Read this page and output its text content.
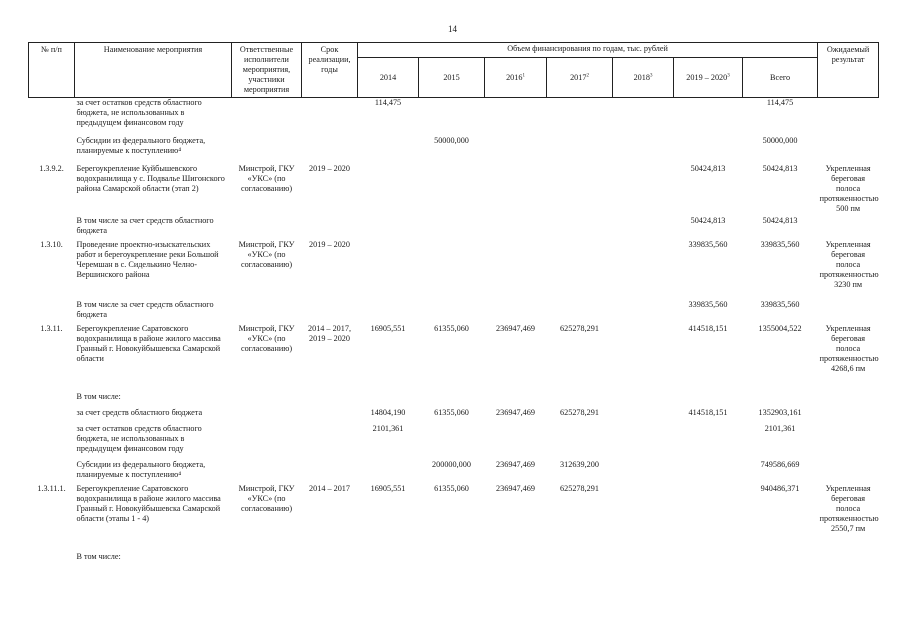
14
№ п/п	Наименование мероприятия	Ответственные исполнители мероприятия, участники мероприятия	Срок реализации, годы	Объем финансирования по годам, тыс. рублей							Ожидаемый результат
				2014	2015	2016$^1$	2017$^2$	2018$^3$	2019 – 2020$^3$	Всего	
	за счет остатков средств областного бюджета, не использованных в предыдущем финансовом году			114,475						114,475	
	Субсидии из федерального бюджета, планируемые к поступлению⁴				50000,000					50000,000	
1.3.9.2.	Берегоукрепление Куйбышевского водохранилища у с. Подвалье Шигонского района Самарской области (этап 2)	Минстрой, ГКУ «УКС» (по согласованию)	2019 – 2020						50424,813	50424,813	Укрепленная береговая полоса протяженностью 500 пм
	В том числе за счет средств областного бюджета								50424,813	50424,813	
1.3.10.	Проведение проектно-изыскательских работ и берегоукрепление реки Большой Черемшан в с. Сиделькино Челно-Вершинского района	Минстрой, ГКУ «УКС» (по согласованию)	2019 – 2020						339835,560	339835,560	Укрепленная береговая полоса протяженностью 3230 пм
	В том числе за счет средств областного бюджета								339835,560	339835,560	
1.3.11.	Берегоукрепление Саратовского водохранилища в районе жилого массива Гранный г. Новокуйбышевска Самарской области	Минстрой, ГКУ «УКС» (по согласованию)	2014 – 2017, 2019 – 2020	16905,551	61355,060	236947,469	625278,291		414518,151	1355004,522	Укрепленная береговая полоса протяженностью 4268,6 пм
	В том числе:										
	за счет средств областного бюджета			14804,190	61355,060	236947,469	625278,291		414518,151	1352903,161	
	за счет остатков средств областного бюджета, не использованных в предыдущем финансовом году			2101,361						2101,361	
	Субсидии из федерального бюджета, планируемые к поступлению⁴				200000,000	236947,469	312639,200			749586,669	
1.3.11.1.	Берегоукрепление Саратовского водохранилища в районе жилого массива Гранный г. Новокуйбышевска Самарской области (этапы 1 - 4)	Минстрой, ГКУ «УКС» (по согласованию)	2014 – 2017	16905,551	61355,060	236947,469	625278,291			940486,371	Укрепленная береговая полоса протяженностью 2550,7 пм
	В том числе:										
